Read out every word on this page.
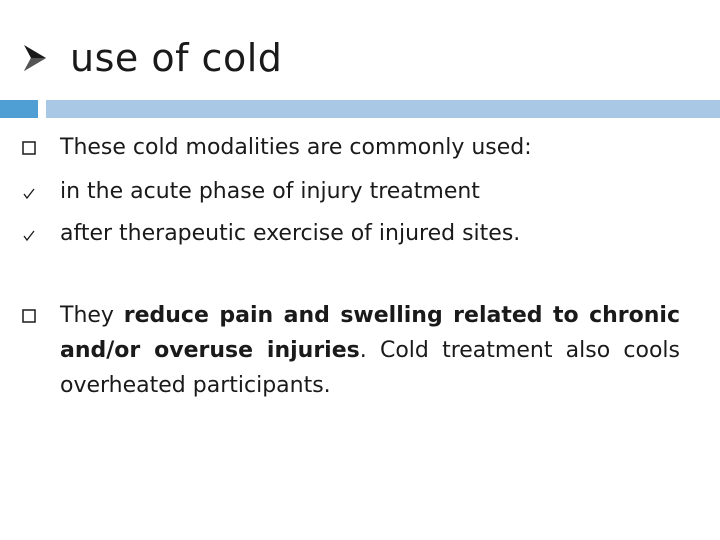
use of cold
These cold modalities are commonly used:
in the acute phase of injury treatment
after therapeutic exercise of injured sites.
They reduce pain and swelling related to chronic and/or overuse injuries. Cold treatment also cools overheated participants.
